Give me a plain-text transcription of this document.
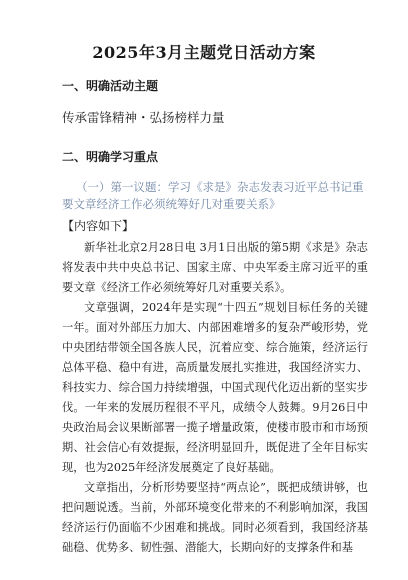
2025年3月主题党日活动方案
一、明确活动主题
传承雷锋精神・弘扬榜样力量
二、明确学习重点
（一）第一议题：学习《求是》杂志发表习近平总书记重要文章经济工作必须统筹好几对重要关系》
【内容如下】

新华社北京2月28日电 3月1日出版的第5期《求是》杂志将发表中共中央总书记、国家主席、中央军委主席习近平的重要文章《经济工作必须统筹好几对重要关系》。

文章强调，2024年是实现“十四五”规划目标任务的关键一年。面对外部压力加大、内部困难增多的复杂严峻形势，党中央团结带领全国各族人民，沉着应变、综合施策，经济运行总体平稳、稳中有进，高质量发展扎实推进，我国经济实力、科技实力、综合国力持续增强，中国式现代化迈出新的坚实步伐。一年来的发展历程很不平凡，成绩令人鼓舞。9月26日中央政治局会议果断部署一揽子增量政策，使楼市股市和市场预期、社会信心有效提振，经济明显回升，既促进了全年目标实现，也为2025年经济发展奠定了良好基础。

文章指出，分析形势要坚持“两点论”，既把成绩讲够，也把问题说透。当前，外部环境变化带来的不利影响加深，我国经济运行仍面临不少困难和挑战。同时必须看到，我国经济基础稳、优势多、韧性强、潜能大，长期向好的支撑条件和基
